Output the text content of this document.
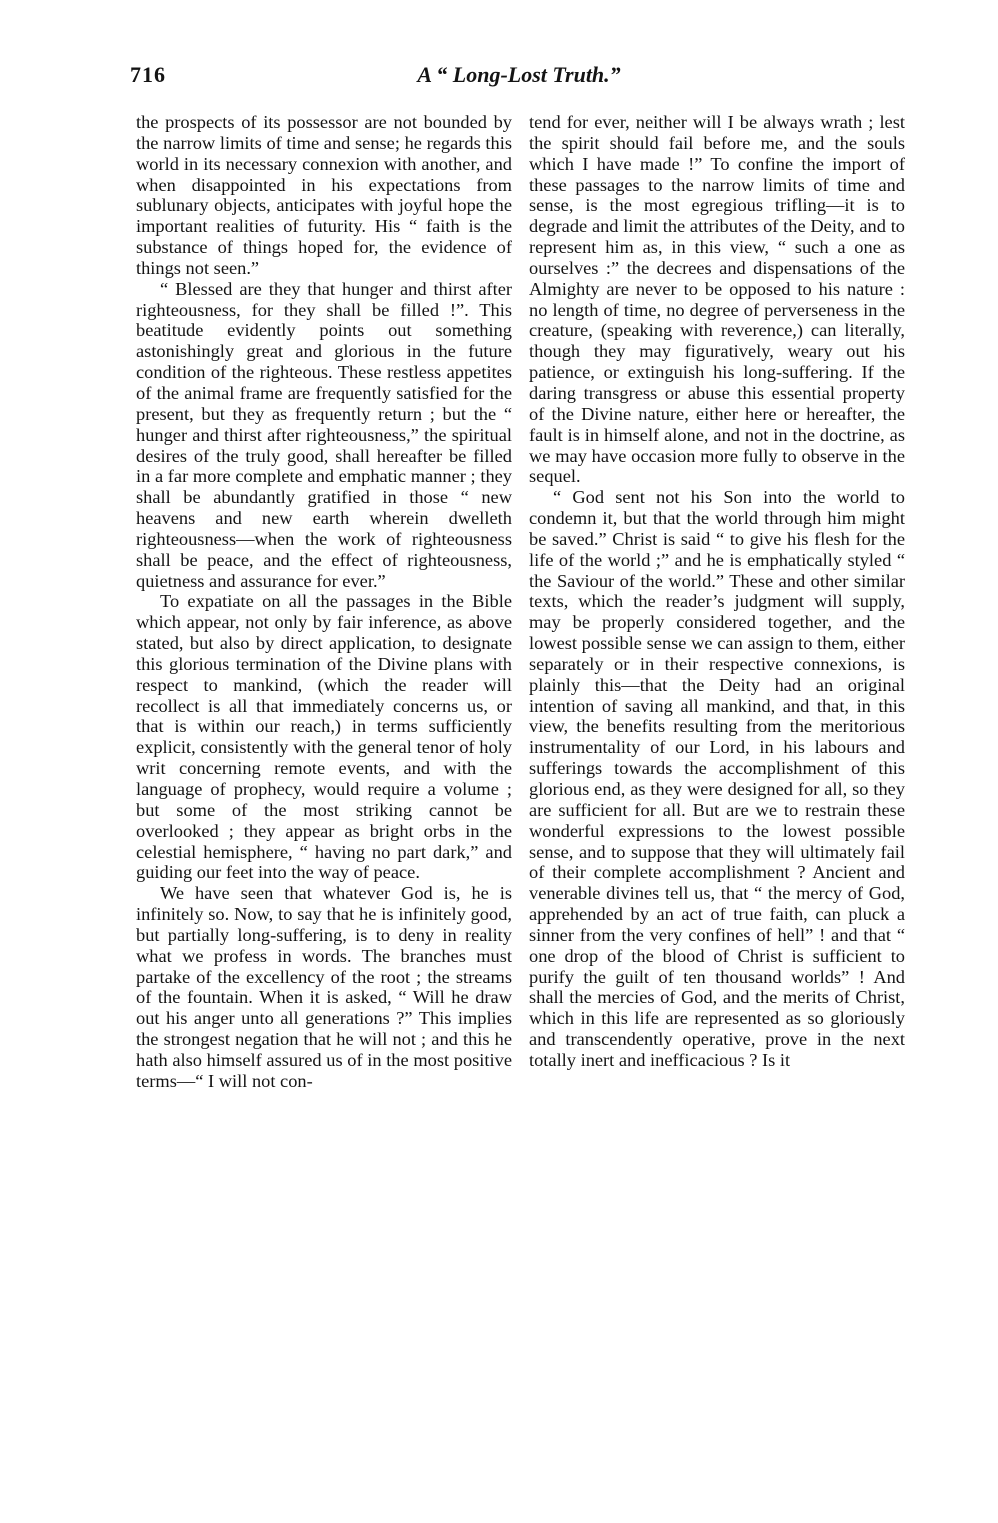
716	A “ Long-Lost Truth.”

the prospects of its possessor are not bounded by the narrow limits of time and sense; he regards this world in its necessary connexion with another, and when disappointed in his expectations from sublunary objects, anticipates with joyful hope the important realities of futurity. His “ faith is the substance of things hoped for, the evidence of things not seen.”

“ Blessed are they that hunger and thirst after righteousness, for they shall be filled !”. This beatitude evidently points out something astonishingly great and glorious in the future condition of the righteous. These restless appetites of the animal frame are frequently satisfied for the present, but they as frequently return ; but the “ hunger and thirst after righteousness,” the spiritual desires of the truly good, shall hereafter be filled in a far more complete and emphatic manner ; they shall be abundantly gratified in those “ new heavens and new earth wherein dwelleth righteousness—when the work of righteousness shall be peace, and the effect of righteousness, quietness and assurance for ever.”

To expatiate on all the passages in the Bible which appear, not only by fair inference, as above stated, but also by direct application, to designate this glorious termination of the Divine plans with respect to mankind, (which the reader will recollect is all that immediately concerns us, or that is within our reach,) in terms sufficiently explicit, consistently with the general tenor of holy writ concerning remote events, and with the language of prophecy, would require a volume ; but some of the most striking cannot be overlooked ; they appear as bright orbs in the celestial hemisphere, “ having no part dark,” and guiding our feet into the way of peace.

We have seen that whatever God is, he is infinitely so. Now, to say that he is infinitely good, but partially long-suffering, is to deny in reality what we profess in words. The branches must partake of the excellency of the root ; the streams of the fountain. When it is asked, “ Will he draw out his anger unto all generations ?” This implies the strongest negation that he will not ; and this he hath also himself assured us of in the most positive terms—“ I will not con-

tend for ever, neither will I be always wrath ; lest the spirit should fail before me, and the souls which I have made !” To confine the import of these passages to the narrow limits of time and sense, is the most egregious trifling—it is to degrade and limit the attributes of the Deity, and to represent him as, in this view, “ such a one as ourselves :” the decrees and dispensations of the Almighty are never to be opposed to his nature : no length of time, no degree of perverseness in the creature, (speaking with reverence,) can literally, though they may figuratively, weary out his patience, or extinguish his long-suffering. If the daring transgress or abuse this essential property of the Divine nature, either here or hereafter, the fault is in himself alone, and not in the doctrine, as we may have occasion more fully to observe in the sequel.

“ God sent not his Son into the world to condemn it, but that the world through him might be saved.” Christ is said “ to give his flesh for the life of the world ;” and he is emphatically styled “ the Saviour of the world.” These and other similar texts, which the reader’s judgment will supply, may be properly considered together, and the lowest possible sense we can assign to them, either separately or in their respective connexions, is plainly this—that the Deity had an original intention of saving all mankind, and that, in this view, the benefits resulting from the meritorious instrumentality of our Lord, in his labours and sufferings towards the accomplishment of this glorious end, as they were designed for all, so they are sufficient for all. But are we to restrain these wonderful expressions to the lowest possible sense, and to suppose that they will ultimately fail of their complete accomplishment ? Ancient and venerable divines tell us, that “ the mercy of God, apprehended by an act of true faith, can pluck a sinner from the very confines of hell” ! and that “ one drop of the blood of Christ is sufficient to purify the guilt of ten thousand worlds” ! And shall the mercies of God, and the merits of Christ, which in this life are represented as so gloriously and transcendently operative, prove in the next totally inert and inefficacious ? Is it
